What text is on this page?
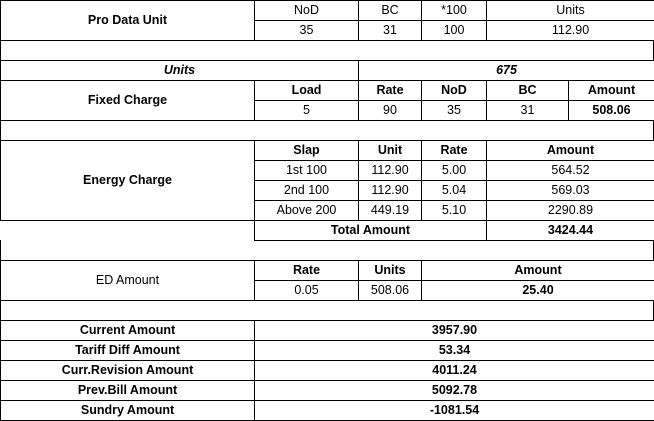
Pro Data Unit	NoD	BC	*100	Units
	35	31	100	112.90
Units	675
Fixed Charge	Load	Rate	NoD	BC	Amount
	5	90	35	31	508.06
Energy Charge	Slap	Unit	Rate	Amount
	1st 100	112.90	5.00	564.52
	2nd 100	112.90	5.04	569.03
	Above 200	449.19	5.10	2290.89
	Total Amount			3424.44
ED Amount	Rate	Units	Amount
	0.05	508.06	25.40
Current Amount	3957.90
Tariff Diff Amount	53.34
Curr.Revision Amount	4011.24
Prev.Bill Amount	5092.78
Sundry Amount	-1081.54
